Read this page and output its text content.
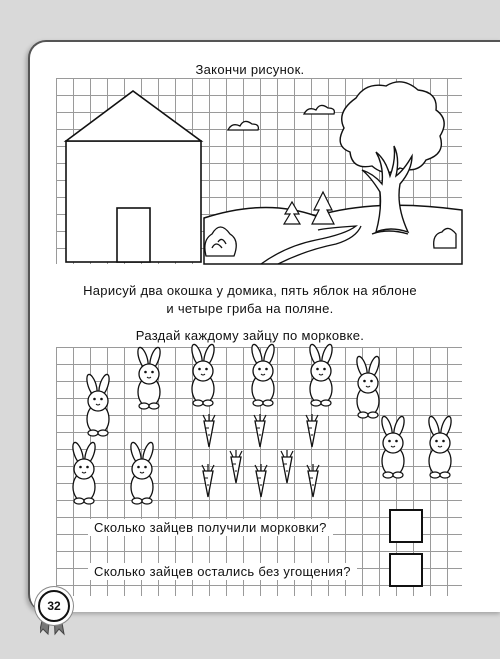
Закончи рисунок.
Нарисуй два окошка у домика, пять яблок на яблоне
и четыре гриба на поляне.
Раздай каждому зайцу по морковке.
Сколько зайцев получили морковки?
Сколько зайцев остались без угощения?
32
